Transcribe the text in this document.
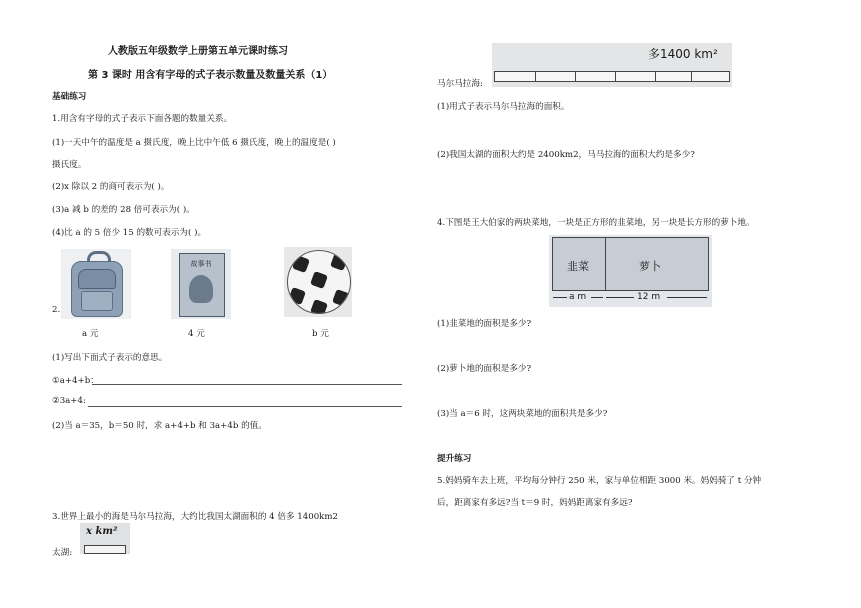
人教版五年级数学上册第五单元课时练习
第 3 课时 用含有字母的式子表示数量及数量关系（1）
基础练习
1.用含有字母的式子表示下面各题的数量关系。
(1)一天中午的温度是 a 摄氏度，晚上比中午低 6 摄氏度，晚上的温度是( )
摄氏度。
(2)x 除以 2 的商可表示为( )。
(3)a 减 b 的差的 28 倍可表示为( )。
(4)比 a 的 5 倍少 15 的数可表示为( )。
2.
故事书
a 元	4 元	b 元
(1)写出下面式子表示的意思。
①a+4+b：
②3a+4:
(2)当 a＝35，b＝50 时，求 a+4+b 和 3a+4b 的值。
3.世界上最小的海是马尔马拉海，大约比我国太湖面积的 4 倍多 1400km2
太湖:
x km²
马尔马拉海:
多1400 km²
(1)用式子表示马尔马拉海的面积。
(2)我国太湖的面积大约是 2400km2，马马拉海的面积大约是多少?
4.下图是王大伯家的两块菜地，一块是正方形的韭菜地，另一块是长方形的萝卜地。
韭菜	萝卜
a m	12 m
(1)韭菜地的面积是多少?
(2)萝卜地的面积是多少?
(3)当 a＝6 时，这两块菜地的面积共是多少?
提升练习
5.妈妈骑车去上班，平均每分钟行 250 米，家与单位相距 3000 米。妈妈骑了 t 分钟
后，距离家有多远?当 t＝9 时，妈妈距离家有多远?
